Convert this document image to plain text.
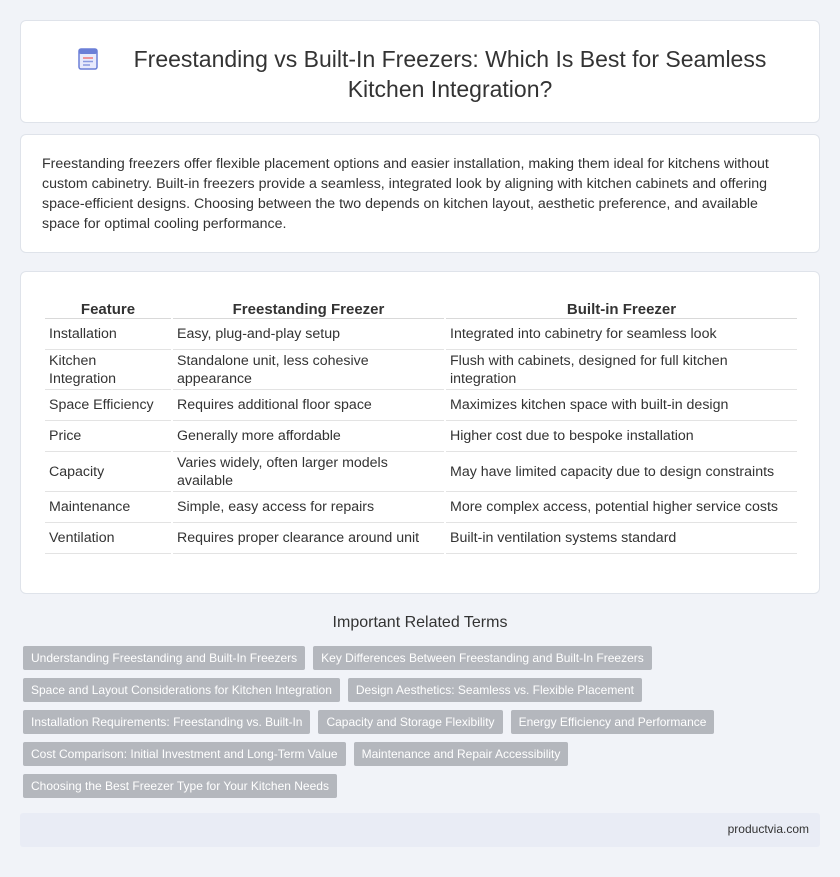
Freestanding vs Built-In Freezers: Which Is Best for Seamless Kitchen Integration?

Freestanding freezers offer flexible placement options and easier installation, making them ideal for kitchens without custom cabinetry. Built-in freezers provide a seamless, integrated look by aligning with kitchen cabinets and offering space-efficient designs. Choosing between the two depends on kitchen layout, aesthetic preference, and available space for optimal cooling performance.

Feature	Freestanding Freezer	Built-in Freezer
Installation	Easy, plug-and-play setup	Integrated into cabinetry for seamless look
Kitchen Integration	Standalone unit, less cohesive appearance	Flush with cabinets, designed for full kitchen integration
Space Efficiency	Requires additional floor space	Maximizes kitchen space with built-in design
Price	Generally more affordable	Higher cost due to bespoke installation
Capacity	Varies widely, often larger models available	May have limited capacity due to design constraints
Maintenance	Simple, easy access for repairs	More complex access, potential higher service costs
Ventilation	Requires proper clearance around unit	Built-in ventilation systems standard
Important Related Terms
Understanding Freestanding and Built-In Freezers	Key Differences Between Freestanding and Built-In Freezers
Space and Layout Considerations for Kitchen Integration	Design Aesthetics: Seamless vs. Flexible Placement
Installation Requirements: Freestanding vs. Built-In	Capacity and Storage Flexibility	Energy Efficiency and Performance
Cost Comparison: Initial Investment and Long-Term Value	Maintenance and Repair Accessibility
Choosing the Best Freezer Type for Your Kitchen Needs
productvia.com
